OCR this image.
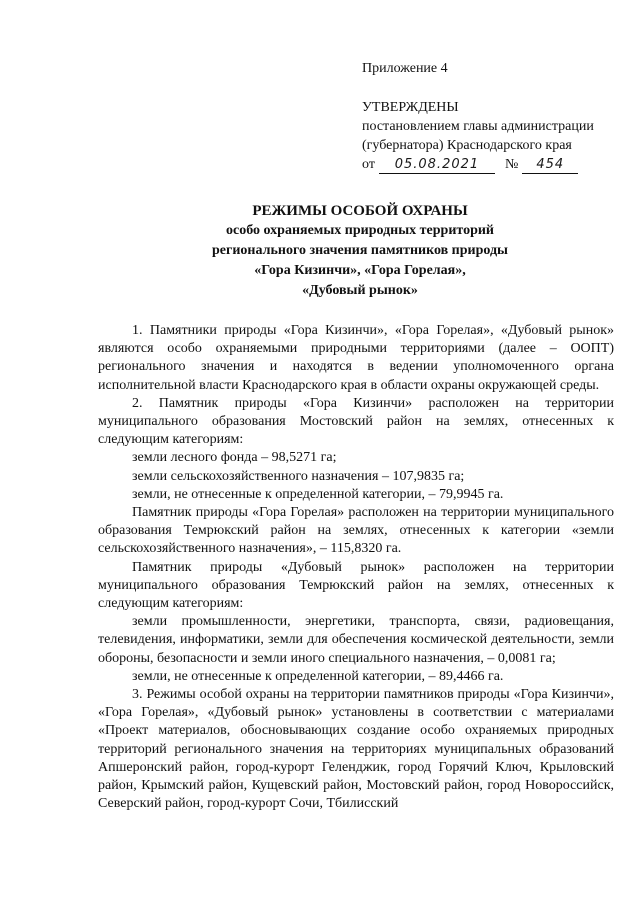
Приложение 4
УТВЕРЖДЕНЫ
постановлением главы администрации
(губернатора) Краснодарского края
от	05.08.2021	№	454
РЕЖИМЫ ОСОБОЙ ОХРАНЫ
особо охраняемых природных территорий
регионального значения памятников природы
«Гора Кизинчи», «Гора Горелая»,
«Дубовый рынок»

1. Памятники природы «Гора Кизинчи», «Гора Горелая», «Дубовый рынок» являются особо охраняемыми природными территориями (далее – ООПТ) регионального значения и находятся в ведении уполномоченного органа исполнительной власти Краснодарского края в области охраны окружающей среды.

2. Памятник природы «Гора Кизинчи» расположен на территории муниципального образования Мостовский район на землях, отнесенных к следующим категориям:

земли лесного фонда – 98,5271 га;

земли сельскохозяйственного назначения – 107,9835 га;

земли, не отнесенные к определенной категории, – 79,9945 га.

Памятник природы «Гора Горелая» расположен на территории муниципального образования Темрюкский район на землях, отнесенных к категории «земли сельскохозяйственного назначения», – 115,8320 га.

Памятник природы «Дубовый рынок» расположен на территории муниципального образования Темрюкский район на землях, отнесенных к следующим категориям:

земли промышленности, энергетики, транспорта, связи, радиовещания, телевидения, информатики, земли для обеспечения космической деятельности, земли обороны, безопасности и земли иного специального назначения, – 0,0081 га;

земли, не отнесенные к определенной категории, – 89,4466 га.

3. Режимы особой охраны на территории памятников природы «Гора Кизинчи», «Гора Горелая», «Дубовый рынок» установлены в соответствии с материалами «Проект материалов, обосновывающих создание особо охраняемых природных территорий регионального значения на территориях муниципальных образований Апшеронский район, город-курорт Геленджик, город Горячий Ключ, Крыловский район, Крымский район, Кущевский район, Мостовский район, город Новороссийск, Северский район, город-курорт Сочи, Тбилисский
